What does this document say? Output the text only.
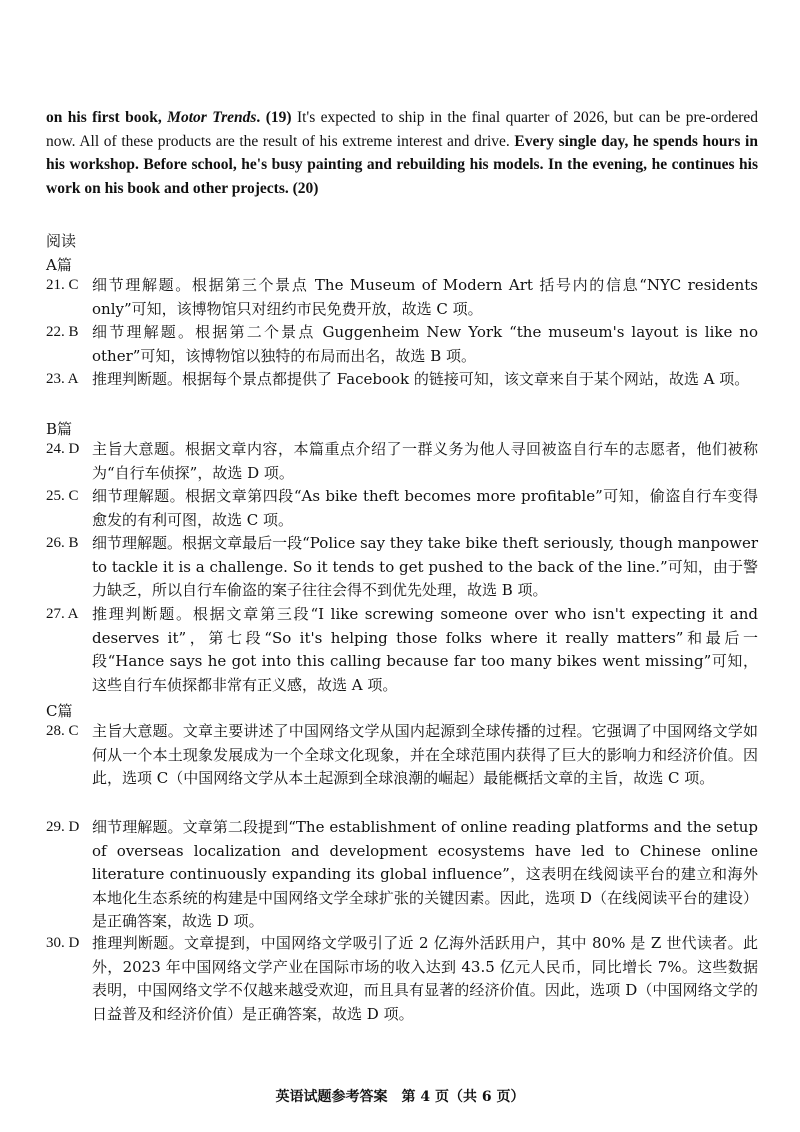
on his first book, Motor Trends. (19) It's expected to ship in the final quarter of 2026, but can be pre-ordered now. All of these products are the result of his extreme interest and drive. Every single day, he spends hours in his workshop. Before school, he's busy painting and rebuilding his models. In the evening, he continues his work on his book and other projects. (20)
阅读
A篇
21. C 细节理解题。根据第三个景点 The Museum of Modern Art 括号内的信息“NYC residents only”可知，该博物馆只对纽约市民免费开放，故选 C 项。
22. B 细节理解题。根据第二个景点 Guggenheim New York “the museum's layout is like no other”可知，该博物馆以独特的布局而出名，故选 B 项。
23. A 推理判断题。根据每个景点都提供了 Facebook 的链接可知，该文章来自于某个网站，故选 A 项。
B篇
24. D 主旨大意题。根据文章内容，本篇重点介绍了一群义务为他人寻回被盗自行车的志愿者，他们被称为“自行车侦探”，故选 D 项。
25. C 细节理解题。根据文章第四段“As bike theft becomes more profitable”可知，偷盗自行车变得愈发的有利可图，故选 C 项。
26. B 细节理解题。根据文章最后一段“Police say they take bike theft seriously, though manpower to tackle it is a challenge. So it tends to get pushed to the back of the line.”可知，由于警力缺乏，所以自行车偷盗的案子往往会得不到优先处理，故选 B 项。
27. A 推理判断题。根据文章第三段“I like screwing someone over who isn't expecting it and deserves it”，第七段“So it's helping those folks where it really matters”和最后一段“Hance says he got into this calling because far too many bikes went missing”可知，这些自行车侦探都非常有正义感，故选 A 项。
C篇
28. C 主旨大意题。文章主要讲述了中国网络文学从国内起源到全球传播的过程。它强调了中国网络文学如何从一个本土现象发展成为一个全球文化现象，并在全球范围内获得了巨大的影响力和经济价值。因此，选项 C（中国网络文学从本土起源到全球浪潮的崛起）最能概括文章的主旨，故选 C 项。
29. D 细节理解题。文章第二段提到“The establishment of online reading platforms and the setup of overseas localization and development ecosystems have led to Chinese online literature continuously expanding its global influence”，这表明在线阅读平台的建立和海外本地化生态系统的构建是中国网络文学全球扩张的关键因素。因此，选项 D（在线阅读平台的建设）是正确答案，故选 D 项。
30. D 推理判断题。文章提到，中国网络文学吸引了近 2 亿海外活跃用户，其中 80% 是 Z 世代读者。此外，2023 年中国网络文学产业在国际市场的收入达到 43.5 亿元人民币，同比增长 7%。这些数据表明，中国网络文学不仅越来越受欢迎，而且具有显著的经济价值。因此，选项 D（中国网络文学的日益普及和经济价值）是正确答案，故选 D 项。
英语试题参考答案　第 4 页（共 6 页）
